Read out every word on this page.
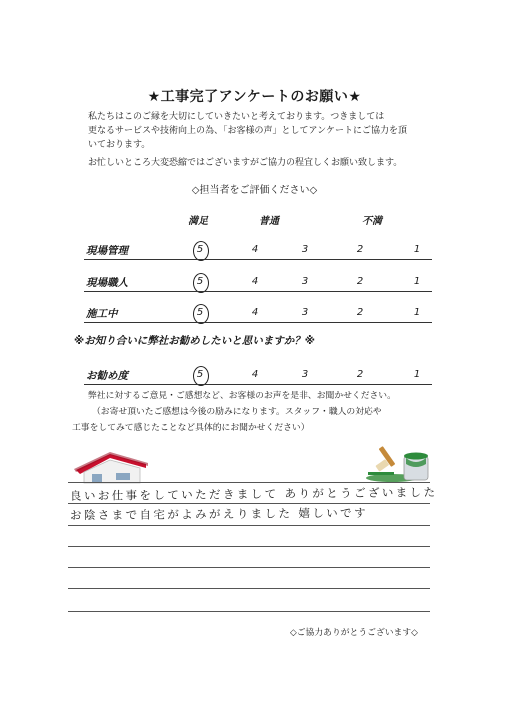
★工事完了アンケートのお願い★
私たちはこのご縁を大切にしていきたいと考えております。つきましては
更なるサービスや技術向上の為、「お客様の声」としてアンケートにご協力を頂
いております。
お忙しいところ大変恐縮ではございますがご協力の程宜しくお願い致します。
◇担当者をご評価ください◇
満足	普通	不満
現場管理	5	4	3	2	1
現場職人	5	4	3	2	1
施工中	5	4	3	2	1
※お知り合いに弊社お勧めしたいと思いますか？※
お勧め度	5	4	3	2	1
弊社に対するご意見・ご感想など、お客様のお声を是非、お聞かせください。
（お寄せ頂いたご感想は今後の励みになります。スタッフ・職人の対応や
工事をしてみて感じたことなど具体的にお聞かせください）
良いお仕事をしていただきまして ありがとうございました
お陰さまで自宅がよみがえりました 嬉しいです
◇ご協力ありがとうございます◇
